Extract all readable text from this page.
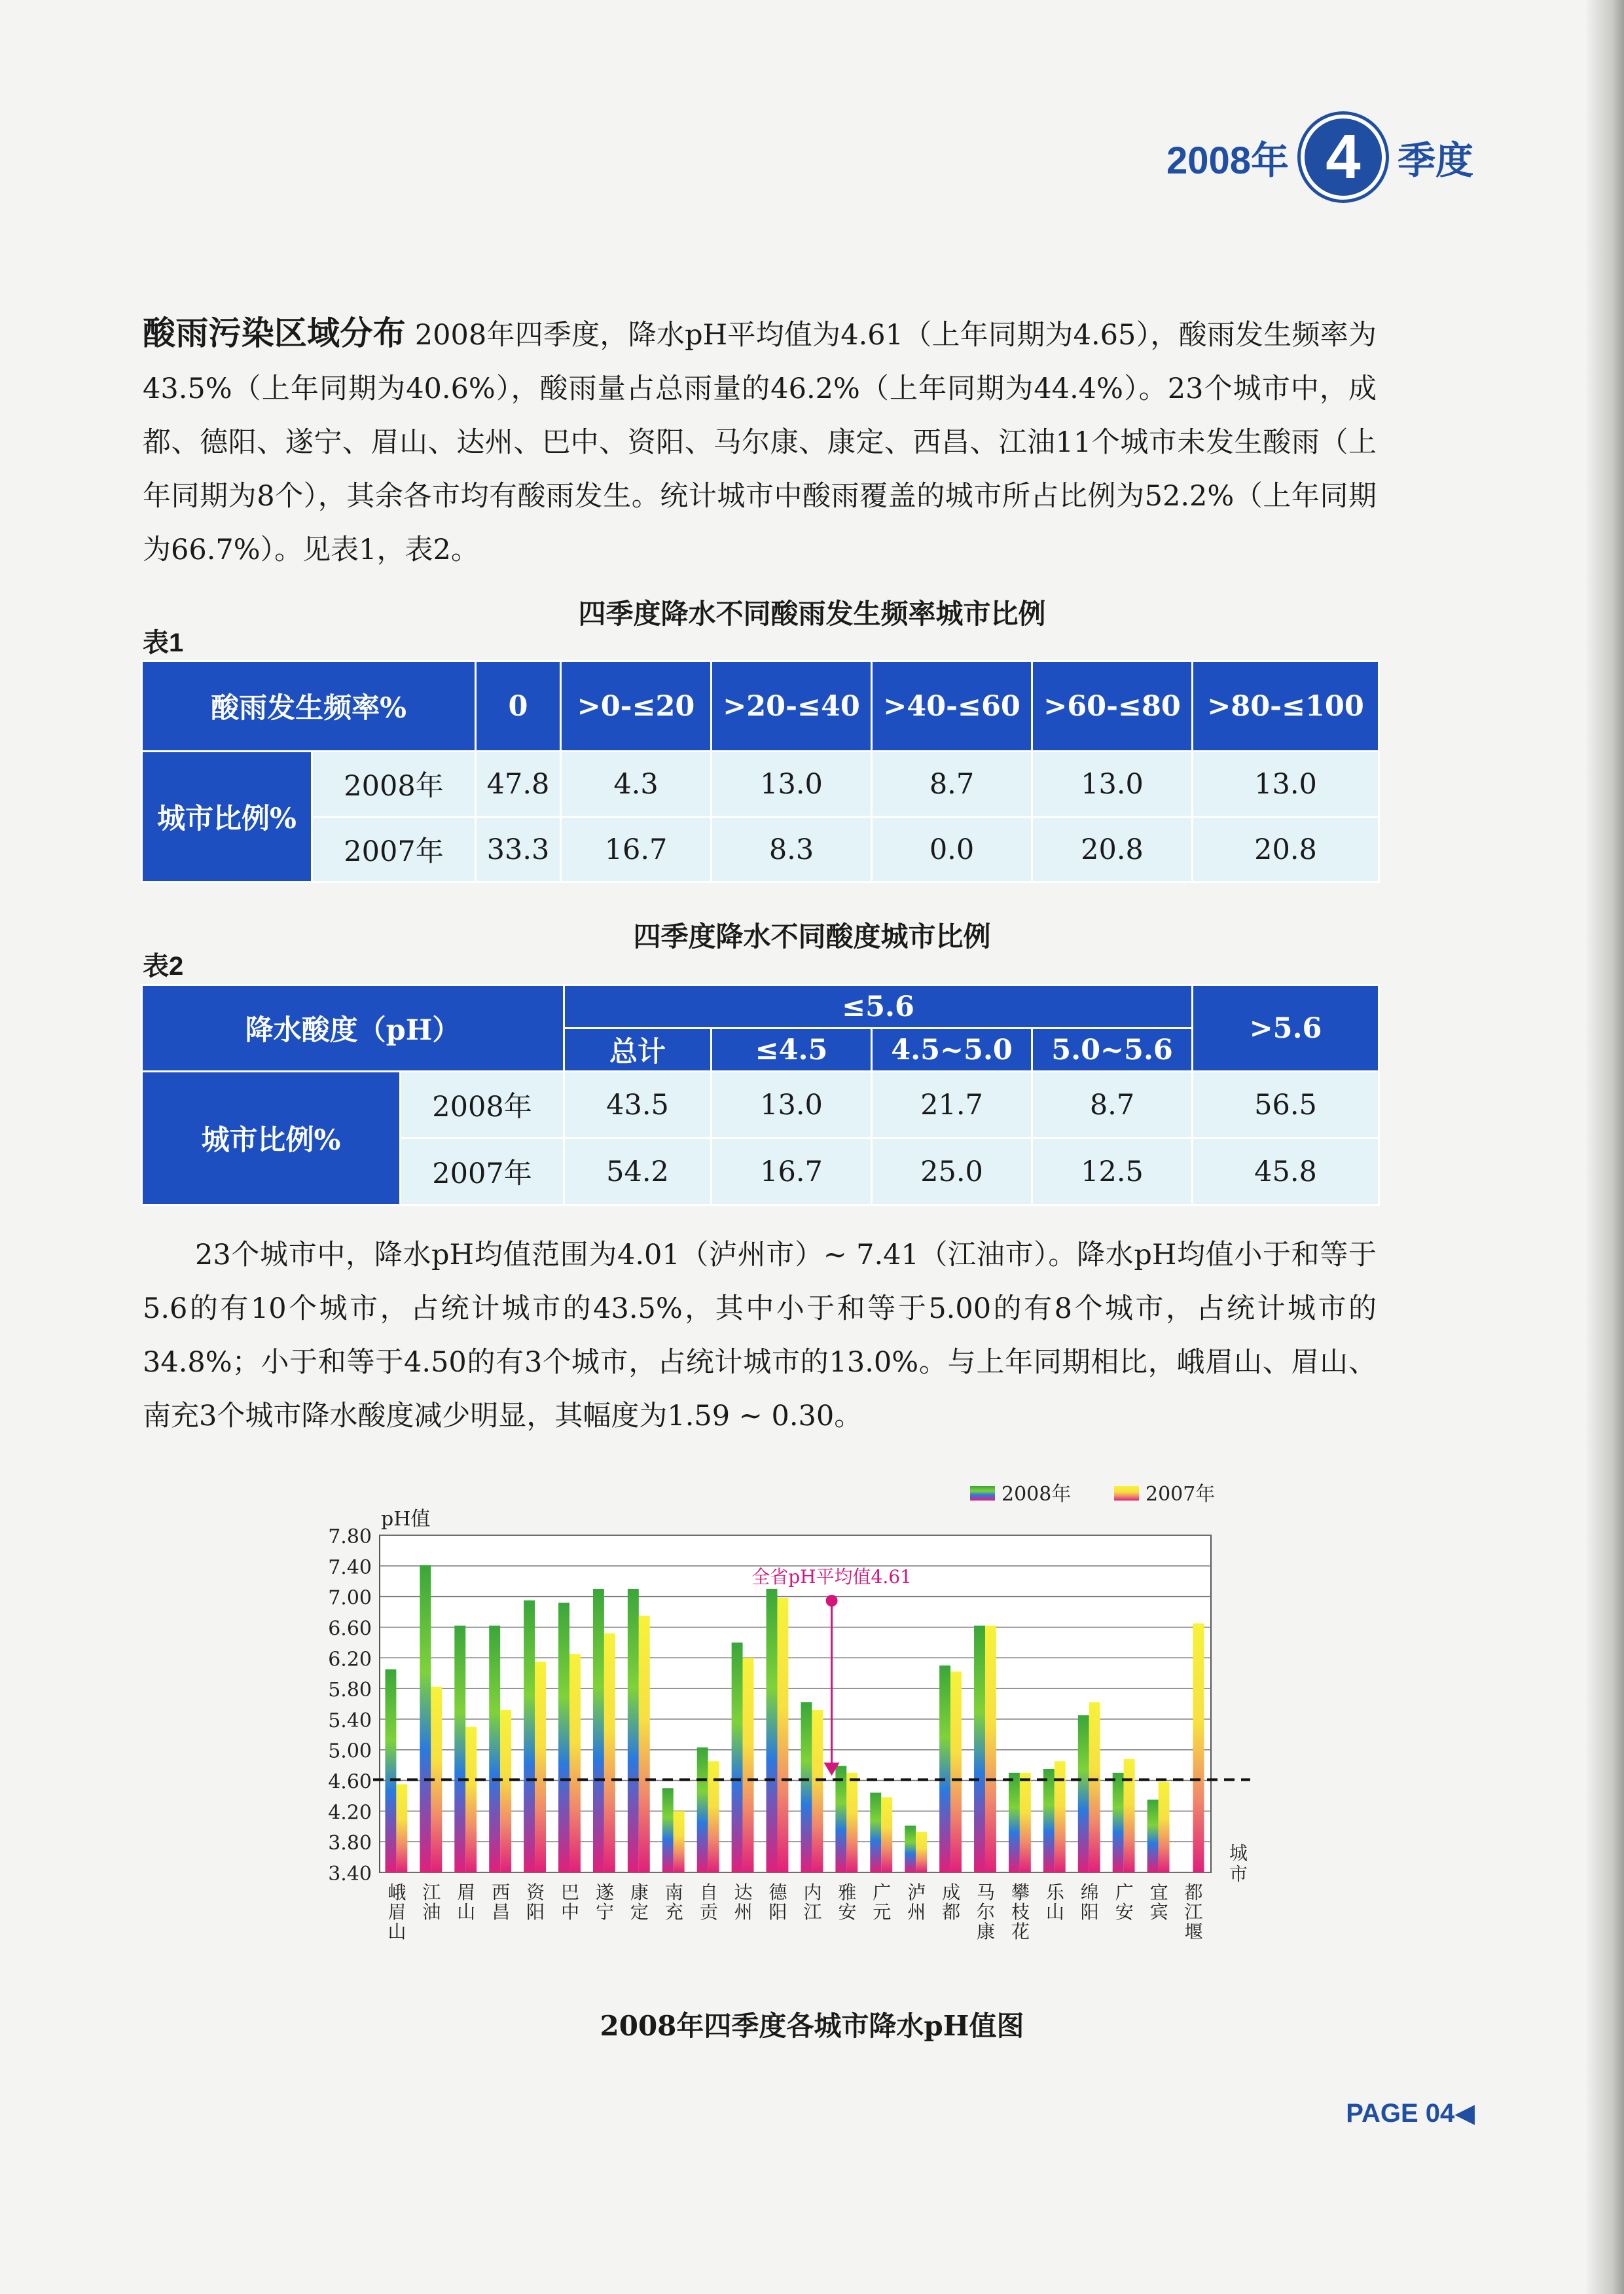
2008年 4 季度
酸雨污染区域分布 2008年四季度，降水pH平均值为4.61（上年同期为4.65），酸雨发生频率为43.5%（上年同期为40.6%），酸雨量占总雨量的46.2%（上年同期为44.4%）。23个城市中，成都、德阳、遂宁、眉山、达州、巴中、资阳、马尔康、康定、西昌、江油11个城市未发生酸雨（上年同期为8个），其余各市均有酸雨发生。统计城市中酸雨覆盖的城市所占比例为52.2%（上年同期为66.7%）。见表1，表2。
四季度降水不同酸雨发生频率城市比例
表1
酸雨发生频率%		0	>0-≤20	>20-≤40	>40-≤60	>60-≤80	>80-≤100
城市比例%	2008年	47.8	4.3	13.0	8.7	13.0	13.0
	2007年	33.3	16.7	8.3	0.0	20.8	20.8
四季度降水不同酸度城市比例
表2
降水酸度（pH）		≤5.6				>5.6
		总计	≤4.5	4.5~5.0	5.0~5.6	
城市比例%	2008年	43.5	13.0	21.7	8.7	56.5
	2007年	54.2	16.7	25.0	12.5	45.8
23个城市中，降水pH均值范围为4.01（泸州市）~ 7.41（江油市）。降水pH均值小于和等于5.6的有10个城市，占统计城市的43.5%，其中小于和等于5.00的有8个城市，占统计城市的34.8%；小于和等于4.50的有3个城市，占统计城市的13.0%。与上年同期相比，峨眉山、眉山、南充3个城市降水酸度减少明显，其幅度为1.59 ~ 0.30。
7.80
7.40
7.00
6.60
6.20
5.80
5.40
5.00
4.60
4.20
3.80
3.40
pH值
峨
眉
山
江
油
眉
山
西
昌
资
阳
巴
中
遂
宁
康
定
南
充
自
贡
达
州
德
阳
内
江
雅
安
广
元
泸
州
成
都
马
尔
康
攀
枝
花
乐
山
绵
阳
广
安
宜
宾
都
江
堰
城
市
全省pH平均值4.61
2008年	2007年
2008年四季度各城市降水pH值图
PAGE 04◀
